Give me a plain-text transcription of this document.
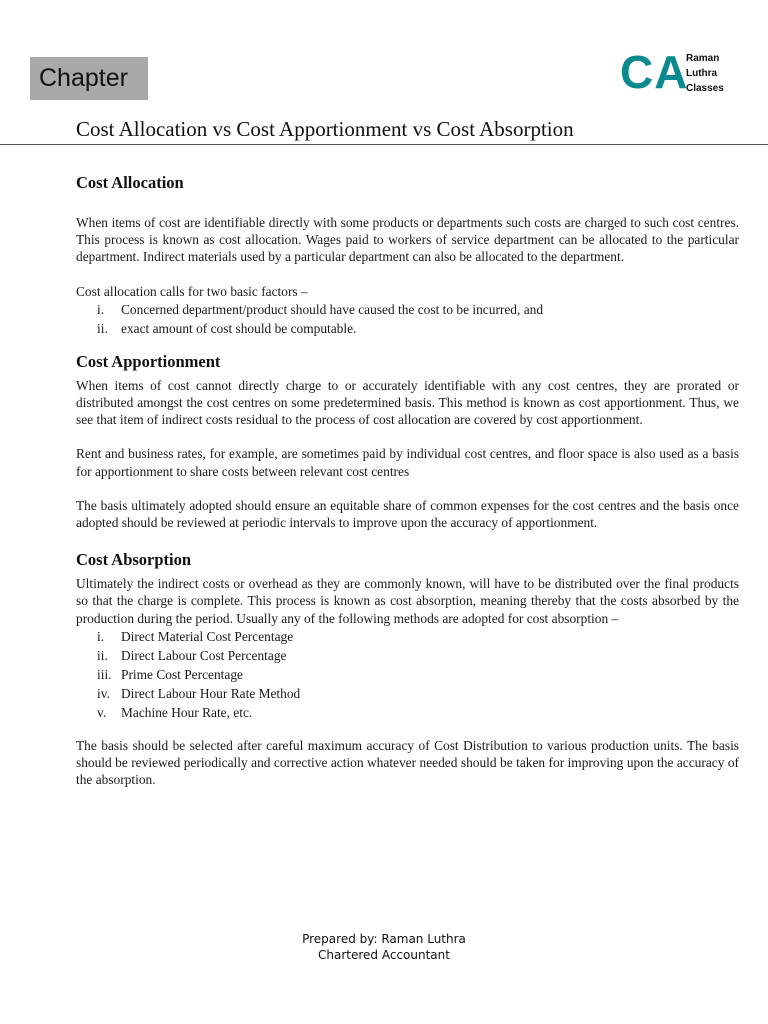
Chapter	CA
Raman
Luthra
Classes
Cost Allocation vs Cost Apportionment vs Cost Absorption
Cost Allocation

When items of cost are identifiable directly with some products or departments such costs are charged to such cost centres. This process is known as cost allocation. Wages paid to workers of service department can be allocated to the particular department. Indirect materials used by a particular department can also be allocated to the department.

Cost allocation calls for two basic factors –

i.	Concerned department/product should have caused the cost to be incurred, and
ii. exact amount of cost should be computable.
Cost Apportionment

When items of cost cannot directly charge to or accurately identifiable with any cost centres, they are prorated or distributed amongst the cost centres on some predetermined basis. This method is known as cost apportionment. Thus, we see that item of indirect costs residual to the process of cost allocation are covered by cost apportionment.

Rent and business rates, for example, are sometimes paid by individual cost centres, and floor space is also used as a basis for apportionment to share costs between relevant cost centres

The basis ultimately adopted should ensure an equitable share of common expenses for the cost centres and the basis once adopted should be reviewed at periodic intervals to improve upon the accuracy of apportionment.

Cost Absorption

Ultimately the indirect costs or overhead as they are commonly known, will have to be distributed over the final products so that the charge is complete. This process is known as cost absorption, meaning thereby that the costs absorbed by the production during the period. Usually any of the following methods are adopted for cost absorption –

i.	Direct Material Cost Percentage
ii. Direct Labour Cost Percentage
iii. Prime Cost Percentage
iv. Direct Labour Hour Rate Method
v.	Machine Hour Rate, etc.

The basis should be selected after careful maximum accuracy of Cost Distribution to various production units. The basis should be reviewed periodically and corrective action whatever needed should be taken for improving upon the accuracy of the absorption.

Prepared by: Raman Luthra
Chartered Accountant
